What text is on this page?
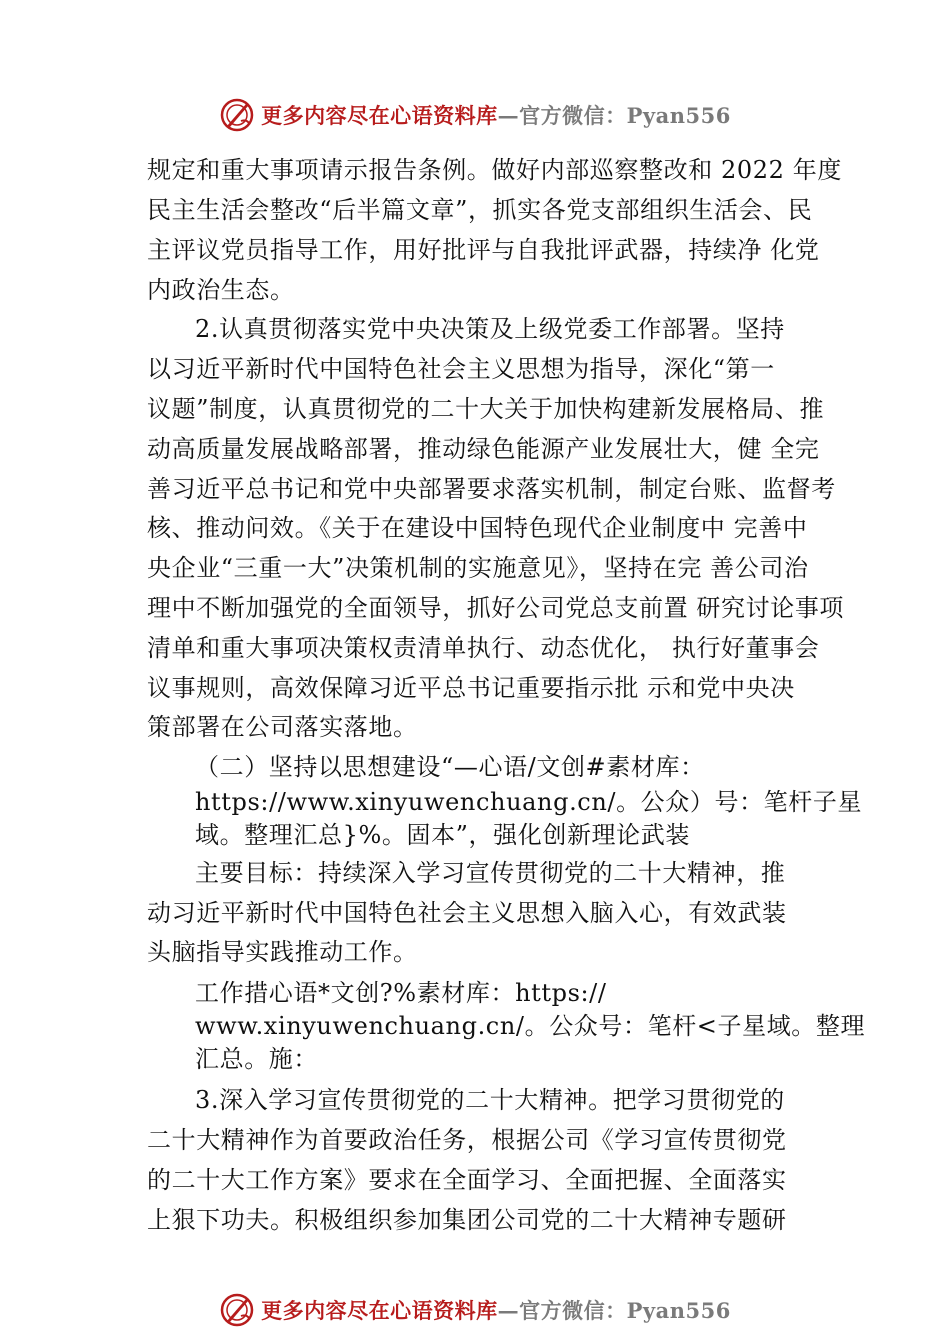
更多内容尽在心语资料库—官方微信：Pyan556
规定和重大事项请示报告条例。做好内部巡察整改和 2022 年度
民主生活会整改“后半篇文章”，抓实各党支部组织生活会、民
主评议党员指导工作，用好批评与自我批评武器，持续净 化党
内政治生态。
2.认真贯彻落实党中央决策及上级党委工作部署。坚持
以习近平新时代中国特色社会主义思想为指导，深化“第一
议题”制度，认真贯彻党的二十大关于加快构建新发展格局、推
动高质量发展战略部署，推动绿色能源产业发展壮大，健 全完
善习近平总书记和党中央部署要求落实机制，制定台账、监督考
核、推动问效。《关于在建设中国特色现代企业制度中 完善中
央企业“三重一大”决策机制的实施意见》，坚持在完 善公司治
理中不断加强党的全面领导，抓好公司党总支前置 研究讨论事项
清单和重大事项决策权责清单执行、动态优化， 执行好董事会
议事规则，高效保障习近平总书记重要指示批 示和党中央决
策部署在公司落实落地。
（二）坚持以思想建设“—心语/文创#素材库：
https://www.xinyuwenchuang.cn/。公众）号：笔杆子星
域。整理汇总}%。固本”，强化创新理论武装
主要目标：持续深入学习宣传贯彻党的二十大精神，推
动习近平新时代中国特色社会主义思想入脑入心，有效武装
头脑指导实践推动工作。
工作措心语*文创?%素材库：https://
www.xinyuwenchuang.cn/。公众号：笔杆<子星域。整理
汇总。施：
3.深入学习宣传贯彻党的二十大精神。把学习贯彻党的
二十大精神作为首要政治任务，根据公司《学习宣传贯彻党
的二十大工作方案》要求在全面学习、全面把握、全面落实
上狠下功夫。积极组织参加集团公司党的二十大精神专题研
更多内容尽在心语资料库—官方微信：Pyan556
